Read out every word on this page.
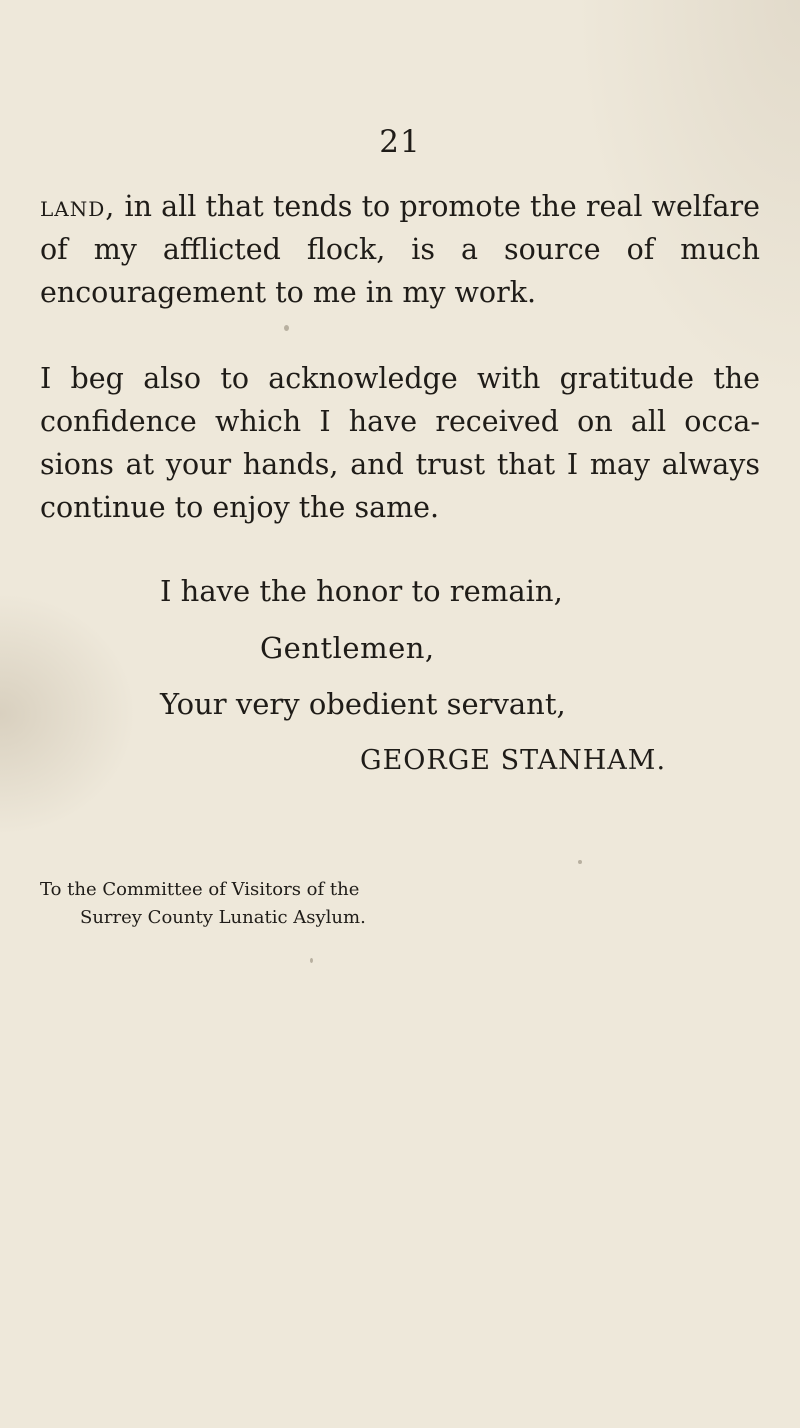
21
land, in all that tends to promote the real welfare of my afflicted flock, is a source of much encouragement to me in my work.
I beg also to acknowledge with gratitude the confidence which I have received on all occa-sions at your hands, and trust that I may always continue to enjoy the same.
I have the honor to remain,
Gentlemen,
Your very obedient servant,
GEORGE STANHAM.
To the Committee of Visitors of the
Surrey County Lunatic Asylum.
